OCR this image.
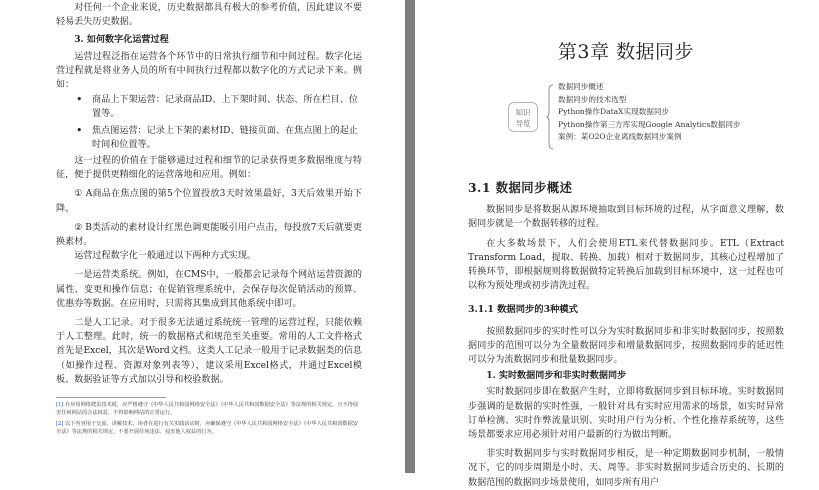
对任何一个企业来说，历史数据都具有极大的参考价值，因此建议不要轻易丢失历史数据。

3. 如何数字化运营过程

运营过程泛指在运营各个环节中的日常执行细节和中间过程。数字化运营过程就是将业务人员的所有中间执行过程都以数字化的方式记录下来。例如：

• 商品上下架运营：记录商品ID、上下架时间、状态、所在栏目、位置等。
• 焦点图运营：记录上下架的素材ID、链接页面、在焦点图上的起止时间和位置等。

这一过程的价值在于能够通过过程和细节的记录获得更多数据维度与特征，便于提供更精细化的运营落地和应用。例如：

① A商品在焦点图的第5个位置投放3天时效果最好，3天后效果开始下降。

② B类活动的素材设计红黑色调更能吸引用户点击，每投放7天后就要更换素材。

运营过程数字化一般通过以下两种方式实现。

一是运营类系统。例如，在CMS中，一般都会记录每个网站运营资源的属性、变更和操作信息；在促销管理系统中，会保存每次促销活动的预算、优惠券等数据。在应用时，只需将其集成到其他系统中即可。

二是人工记录。对于很多无法通过系统统一管理的运营过程，只能依赖于人工整理。此时，统一的数据格式和规范至关重要。常用的人工文件格式首先是Excel，其次是Word文档。这类人工记录一般用于记录数据类的信息（如操作过程、资源对象列表等），建议采用Excel格式，并通过Excel模板、数据验证等方式加以引导和校验数据。

[1] 在应用网络爬虫技术时，应严格遵守《中华人民共和国网络安全法》《中华人民共和国数据安全法》等法规的相关规定，且不得侵害任何网站的合法权益，不得影响网站的正常运行。
[2] 以下内容用于交流、讲解技术，读者在进行有关实践活动时，应确保遵守《中华人民共和国网络安全法》《中华人民共和国数据安全法》等法规的相关规定，不要开展任何违法、侵害他人权益的行为。
第3章 数据同步
知识
导览
数据同步概述
数据同步的技术选型
Python操作DataX实现数据同步
Python操作第三方库实现Google Analytics数据同步
案例：某O2O企业离线数据同步案例
3.1 数据同步概述

数据同步是将数据从源环境抽取到目标环境的过程，从字面意义理解，数据同步就是一个数据转移的过程。

在大多数场景下，人们会使用ETL来代替数据同步。ETL（Extract Transform Load，提取、转换、加载）相对于数据同步，其核心过程增加了转换环节，即根据规则将数据做特定转换后加载到目标环境中，这一过程也可以称为预处理或初步清洗过程。

3.1.1 数据同步的3种模式

按照数据同步的实时性可以分为实时数据同步和非实时数据同步，按照数据同步的范围可以分为全量数据同步和增量数据同步，按照数据同步的延迟性可以分为流数据同步和批量数据同步。

1. 实时数据同步和非实时数据同步

实时数据同步即在数据产生时，立即将数据同步到目标环境。实时数据同步强调的是数据的实时性强，一般针对具有实时应用需求的场景，如实时异常订单检测、实时作弊流量识别、实时用户行为分析、个性化推荐系统等，这些场景都要求应用必须针对用户最新的行为做出判断。

非实时数据同步与实时数据同步相反，是一种定期数据同步机制，一般情况下，它的同步周期是小时、天、周等。非实时数据同步适合历史的、长期的数据范围的数据同步场景使用，如同步所有用户
